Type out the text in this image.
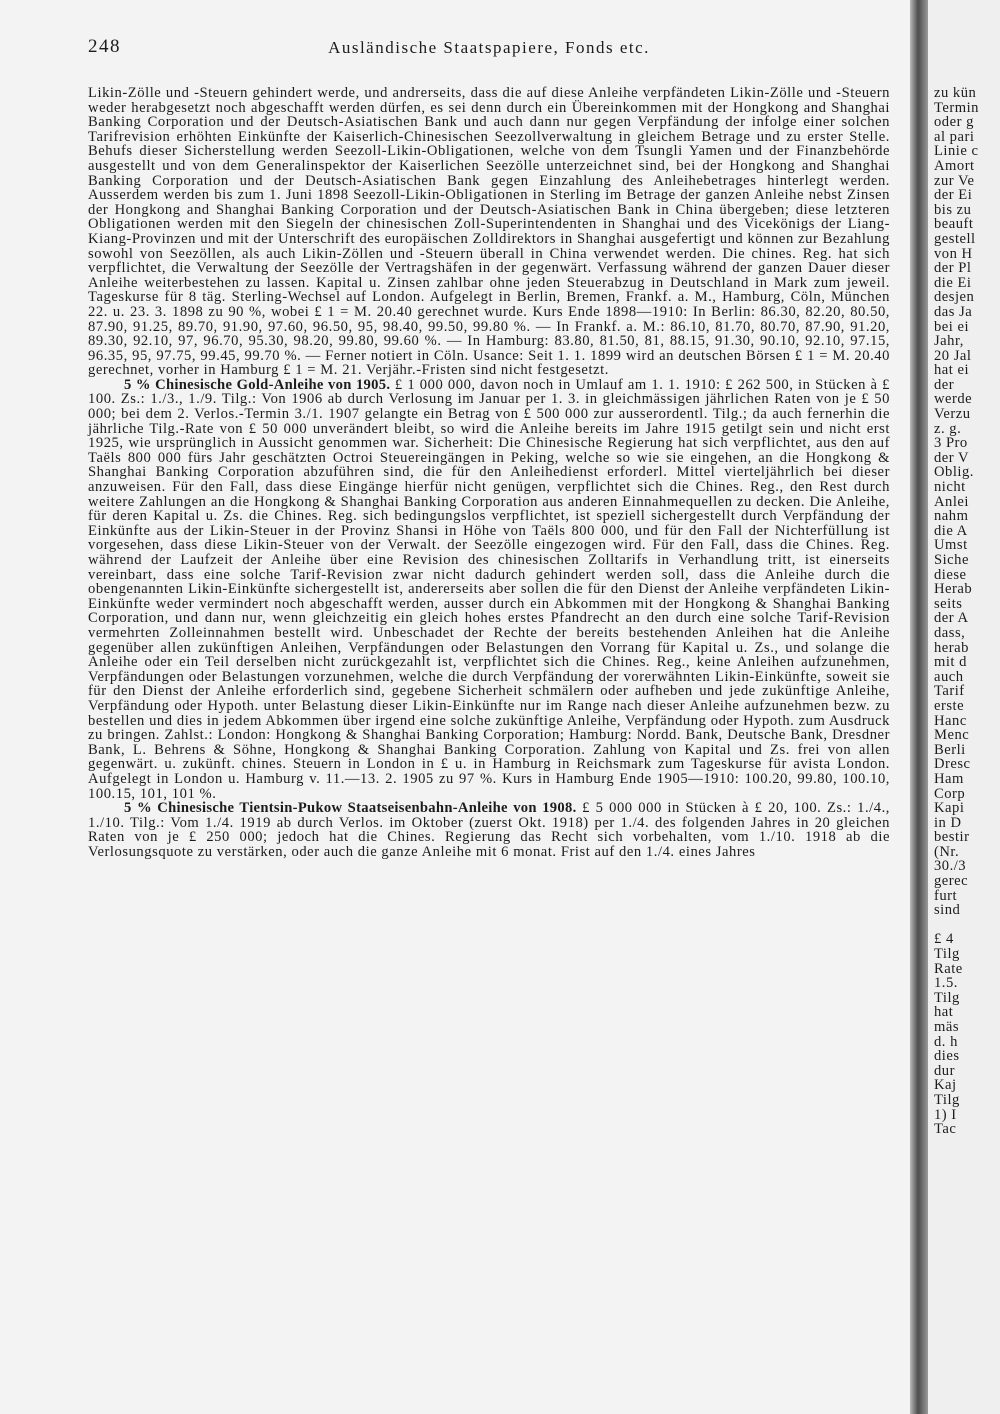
248	Ausländische Staatspapiere, Fonds etc.

Likin-Zölle und -Steuern gehindert werde, und andrerseits, dass die auf diese Anleihe verpfändeten Likin-Zölle und -Steuern weder herabgesetzt noch abgeschafft werden dürfen, es sei denn durch ein Übereinkommen mit der Hongkong and Shanghai Banking Corporation und der Deutsch-Asiatischen Bank und auch dann nur gegen Verpfändung der infolge einer solchen Tarifrevision erhöhten Einkünfte der Kaiserlich-Chinesischen Seezollverwaltung in gleichem Betrage und zu erster Stelle. Behufs dieser Sicherstellung werden Seezoll-Likin-Obligationen, welche von dem Tsungli Yamen und der Finanzbehörde ausgestellt und von dem Generalinspektor der Kaiserlichen Seezölle unterzeichnet sind, bei der Hongkong and Shanghai Banking Corporation und der Deutsch-Asiatischen Bank gegen Einzahlung des Anleihebetrages hinterlegt werden. Ausserdem werden bis zum 1. Juni 1898 Seezoll-Likin-Obligationen in Sterling im Betrage der ganzen Anleihe nebst Zinsen der Hongkong and Shanghai Banking Corporation und der Deutsch-Asiatischen Bank in China übergeben; diese letzteren Obligationen werden mit den Siegeln der chinesischen Zoll-Superintendenten in Shanghai und des Vicekönigs der Liang-Kiang-Provinzen und mit der Unterschrift des europäischen Zolldirektors in Shanghai ausgefertigt und können zur Bezahlung sowohl von Seezöllen, als auch Likin-Zöllen und -Steuern überall in China verwendet werden. Die chines. Reg. hat sich verpflichtet, die Verwaltung der Seezölle der Vertragshäfen in der gegenwärt. Verfassung während der ganzen Dauer dieser Anleihe weiterbestehen zu lassen. Kapital u. Zinsen zahlbar ohne jeden Steuerabzug in Deutschland in Mark zum jeweil. Tageskurse für 8 täg. Sterling-Wechsel auf London. Aufgelegt in Berlin, Bremen, Frankf. a. M., Hamburg, Cöln, München 22. u. 23. 3. 1898 zu 90 %, wobei £ 1 = M. 20.40 gerechnet wurde. Kurs Ende 1898—1910: In Berlin: 86.30, 82.20, 80.50, 87.90, 91.25, 89.70, 91.90, 97.60, 96.50, 95, 98.40, 99.50, 99.80 %. — In Frankf. a. M.: 86.10, 81.70, 80.70, 87.90, 91.20, 89.30, 92.10, 97, 96.70, 95.30, 98.20, 99.80, 99.60 %. — In Hamburg: 83.80, 81.50, 81, 88.15, 91.30, 90.10, 92.10, 97.15, 96.35, 95, 97.75, 99.45, 99.70 %. — Ferner notiert in Cöln. Usance: Seit 1. 1. 1899 wird an deutschen Börsen £ 1 = M. 20.40 gerechnet, vorher in Hamburg £ 1 = M. 21. Verjähr.-Fristen sind nicht festgesetzt.

5 % Chinesische Gold-Anleihe von 1905. £ 1 000 000, davon noch in Umlauf am 1. 1. 1910: £ 262 500, in Stücken à £ 100. Zs.: 1./3., 1./9. Tilg.: Von 1906 ab durch Verlosung im Januar per 1. 3. in gleichmässigen jährlichen Raten von je £ 50 000; bei dem 2. Verlos.-Termin 3./1. 1907 gelangte ein Betrag von £ 500 000 zur ausserordentl. Tilg.; da auch fernerhin die jährliche Tilg.-Rate von £ 50 000 unverändert bleibt, so wird die Anleihe bereits im Jahre 1915 getilgt sein und nicht erst 1925, wie ursprünglich in Aussicht genommen war. Sicherheit: Die Chinesische Regierung hat sich verpflichtet, aus den auf Taëls 800 000 fürs Jahr geschätzten Octroi Steuereingängen in Peking, welche so wie sie eingehen, an die Hongkong & Shanghai Banking Corporation abzuführen sind, die für den Anleihedienst erforderl. Mittel vierteljährlich bei dieser anzuweisen. Für den Fall, dass diese Eingänge hierfür nicht genügen, verpflichtet sich die Chines. Reg., den Rest durch weitere Zahlungen an die Hongkong & Shanghai Banking Corporation aus anderen Einnahmequellen zu decken. Die Anleihe, für deren Kapital u. Zs. die Chines. Reg. sich bedingungslos verpflichtet, ist speziell sichergestellt durch Verpfändung der Einkünfte aus der Likin-Steuer in der Provinz Shansi in Höhe von Taëls 800 000, und für den Fall der Nichterfüllung ist vorgesehen, dass diese Likin-Steuer von der Verwalt. der Seezölle eingezogen wird. Für den Fall, dass die Chines. Reg. während der Laufzeit der Anleihe über eine Revision des chinesischen Zolltarifs in Verhandlung tritt, ist einerseits vereinbart, dass eine solche Tarif-Revision zwar nicht dadurch gehindert werden soll, dass die Anleihe durch die obengenannten Likin-Einkünfte sichergestellt ist, andererseits aber sollen die für den Dienst der Anleihe verpfändeten Likin-Einkünfte weder vermindert noch abgeschafft werden, ausser durch ein Abkommen mit der Hongkong & Shanghai Banking Corporation, und dann nur, wenn gleichzeitig ein gleich hohes erstes Pfandrecht an den durch eine solche Tarif-Revision vermehrten Zolleinnahmen bestellt wird. Unbeschadet der Rechte der bereits bestehenden Anleihen hat die Anleihe gegenüber allen zukünftigen Anleihen, Verpfändungen oder Belastungen den Vorrang für Kapital u. Zs., und solange die Anleihe oder ein Teil derselben nicht zurückgezahlt ist, verpflichtet sich die Chines. Reg., keine Anleihen aufzunehmen, Verpfändungen oder Belastungen vorzunehmen, welche die durch Verpfändung der vorerwähnten Likin-Einkünfte, soweit sie für den Dienst der Anleihe erforderlich sind, gegebene Sicherheit schmälern oder aufheben und jede zukünftige Anleihe, Verpfändung oder Hypoth. unter Belastung dieser Likin-Einkünfte nur im Range nach dieser Anleihe aufzunehmen bezw. zu bestellen und dies in jedem Abkommen über irgend eine solche zukünftige Anleihe, Verpfändung oder Hypoth. zum Ausdruck zu bringen. Zahlst.: London: Hongkong & Shanghai Banking Corporation; Hamburg: Nordd. Bank, Deutsche Bank, Dresdner Bank, L. Behrens & Söhne, Hongkong & Shanghai Banking Corporation. Zahlung von Kapital und Zs. frei von allen gegenwärt. u. zukünft. chines. Steuern in London in £ u. in Hamburg in Reichsmark zum Tageskurse für avista London. Aufgelegt in London u. Hamburg v. 11.—13. 2. 1905 zu 97 %. Kurs in Hamburg Ende 1905—1910: 100.20, 99.80, 100.10, 100.15, 101, 101 %.

5 % Chinesische Tientsin-Pukow Staatseisenbahn-Anleihe von 1908. £ 5 000 000 in Stücken à £ 20, 100. Zs.: 1./4., 1./10. Tilg.: Vom 1./4. 1919 ab durch Verlos. im Oktober (zuerst Okt. 1918) per 1./4. des folgenden Jahres in 20 gleichen Raten von je £ 250 000; jedoch hat die Chines. Regierung das Recht sich vorbehalten, vom 1./10. 1918 ab die Verlosungsquote zu verstärken, oder auch die ganze Anleihe mit 6 monat. Frist auf den 1./4. eines Jahres

zu kün
Termin
oder g
al pari
Linie c
Amort
zur Ve
der Ei
bis zu
beauft
gestell
von H
der Pl
die Ei
desjen
das Ja
bei ei
Jahr,
20 Jal
hat ei
der
werde
Verzu
z. g.
3 Pro
der V
Oblig.
nicht
Anlei
nahm
die A
Umst
Siche
diese
Herab
seits
der A
dass,
herab
mit d
auch
Tarif
erste
Hanc
Menc
Berli
Dresc
Ham
Corp
Kapi
in D
bestir
(Nr.
30./3
gerec
furt
sind
£ 4
Tilg
Rate
1.5.
Tilg
hat
mäs
d. h
dies
dur
Kaj
Tilg
1) I
Tac
